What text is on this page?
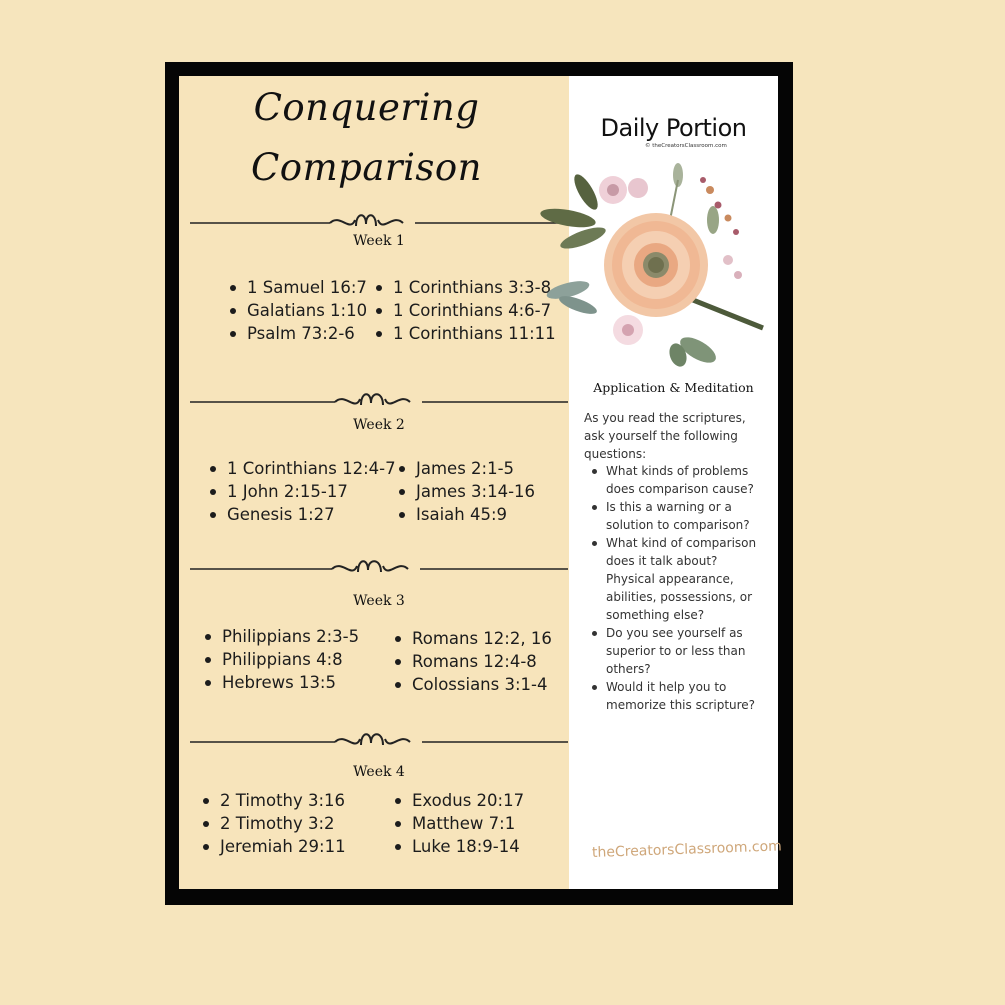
Conquering
Comparison
Week 1
1 Samuel 16:7
Galatians 1:10
Psalm 73:2-6
1 Corinthians 3:3-8
1 Corinthians 4:6-7
1 Corinthians 11:11
Week 2
1 Corinthians 12:4-7
1 John 2:15-17
Genesis 1:27
James 2:1-5
James 3:14-16
Isaiah 45:9
Week 3
Philippians 2:3-5
Philippians 4:8
Hebrews 13:5
Romans 12:2, 16
Romans 12:4-8
Colossians 3:1-4
Week 4
2 Timothy 3:16
2 Timothy 3:2
Jeremiah 29:11
Exodus 20:17
Matthew 7:1
Luke 18:9-14
Daily Portion
© theCreatorsClassroom.com
Application & Meditation

As you read the scriptures, ask yourself the following questions:

What kinds of problems does comparison cause?
Is this a warning or a solution to comparison?
What kind of comparison does it talk about? Physical appearance, abilities, possessions, or something else?
Do you see yourself as superior to or less than others?
Would it help you to memorize this scripture?
theCreatorsClassroom.com
